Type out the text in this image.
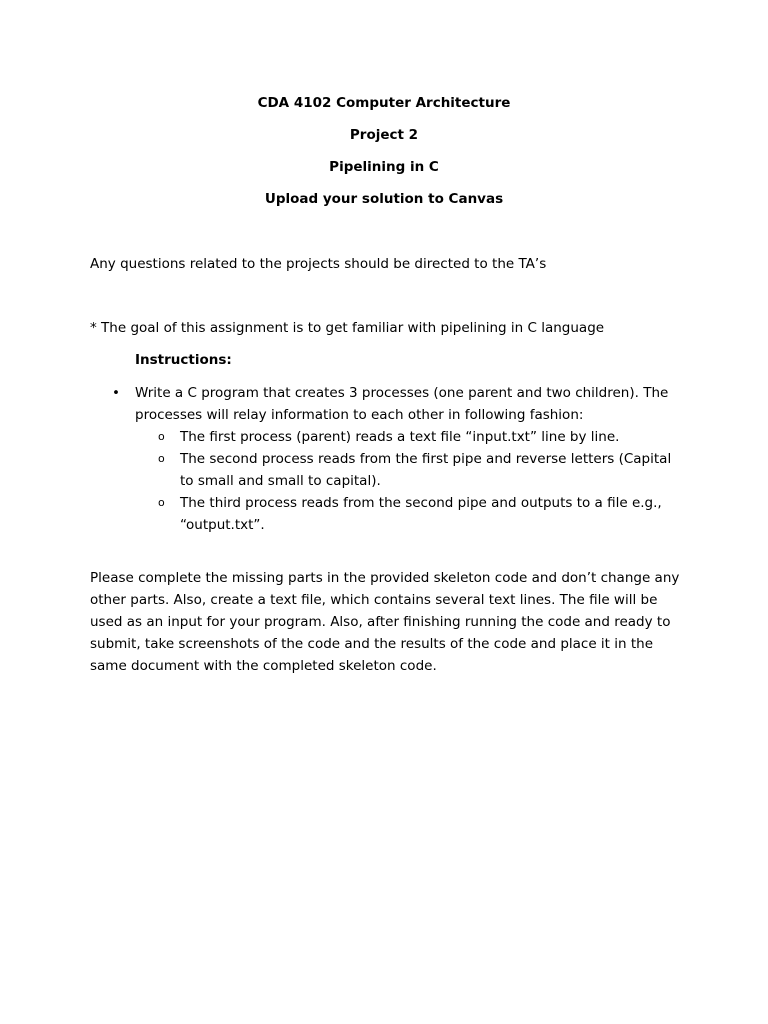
CDA 4102 Computer Architecture
Project 2
Pipelining in C
Upload your solution to Canvas
Any questions related to the projects should be directed to the TA’s
* The goal of this assignment is to get familiar with pipelining in C language
Instructions:
• Write a C program that creates 3 processes (one parent and two children). The processes will relay information to each other in following fashion:
o The first process (parent) reads a text file “input.txt” line by line.
o The second process reads from the first pipe and reverse letters (Capital to small and small to capital).
o The third process reads from the second pipe and outputs to a file e.g., “output.txt”.
Please complete the missing parts in the provided skeleton code and don’t change any other parts. Also, create a text file, which contains several text lines. The file will be used as an input for your program. Also, after finishing running the code and ready to submit, take screenshots of the code and the results of the code and place it in the same document with the completed skeleton code.
